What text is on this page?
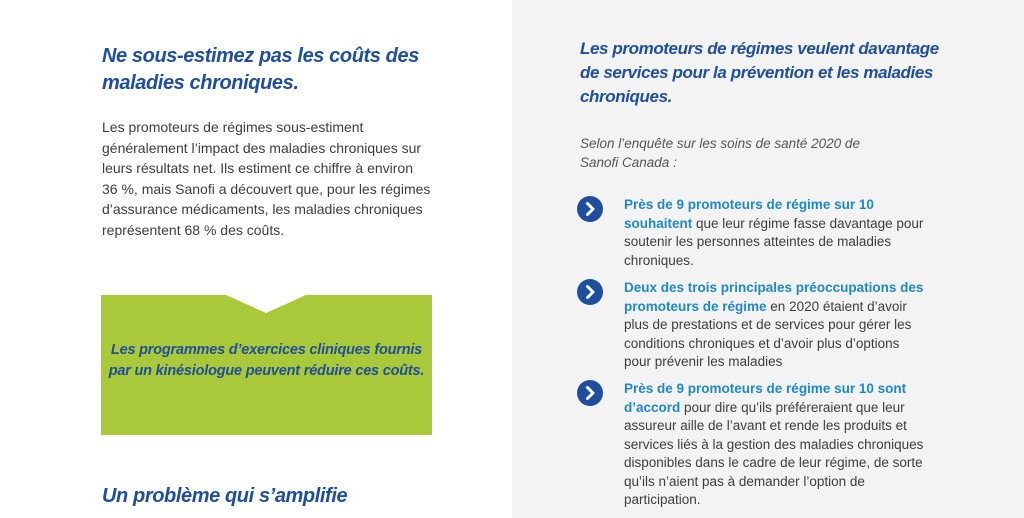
Ne sous-estimez pas les coûts des maladies chroniques.

Les promoteurs de régimes sous-estiment généralement l’impact des maladies chroniques sur leurs résultats net. Ils estiment ce chiffre à environ 36 %, mais Sanofi a découvert que, pour les régimes d’assurance médicaments, les maladies chroniques représentent 68 % des coûts.

Les programmes d’exercices cliniques fournis par un kinésiologue peuvent réduire ces coûts.

Un problème qui s’amplifie
Les promoteurs de régimes veulent davantage de services pour la prévention et les maladies chroniques.

Selon l’enquête sur les soins de santé 2020 de Sanofi Canada :

Près de 9 promoteurs de régime sur 10 souhaitent que leur régime fasse davantage pour soutenir les personnes atteintes de maladies chroniques.

Deux des trois principales préoccupations des promoteurs de régime en 2020 étaient d’avoir plus de prestations et de services pour gérer les conditions chroniques et d’avoir plus d’options pour prévenir les maladies

Près de 9 promoteurs de régime sur 10 sont d’accord pour dire qu’ils préféreraient que leur assureur aille de l’avant et rende les produits et services liés à la gestion des maladies chroniques disponibles dans le cadre de leur régime, de sorte qu’ils n’aient pas à demander l’option de participation.
